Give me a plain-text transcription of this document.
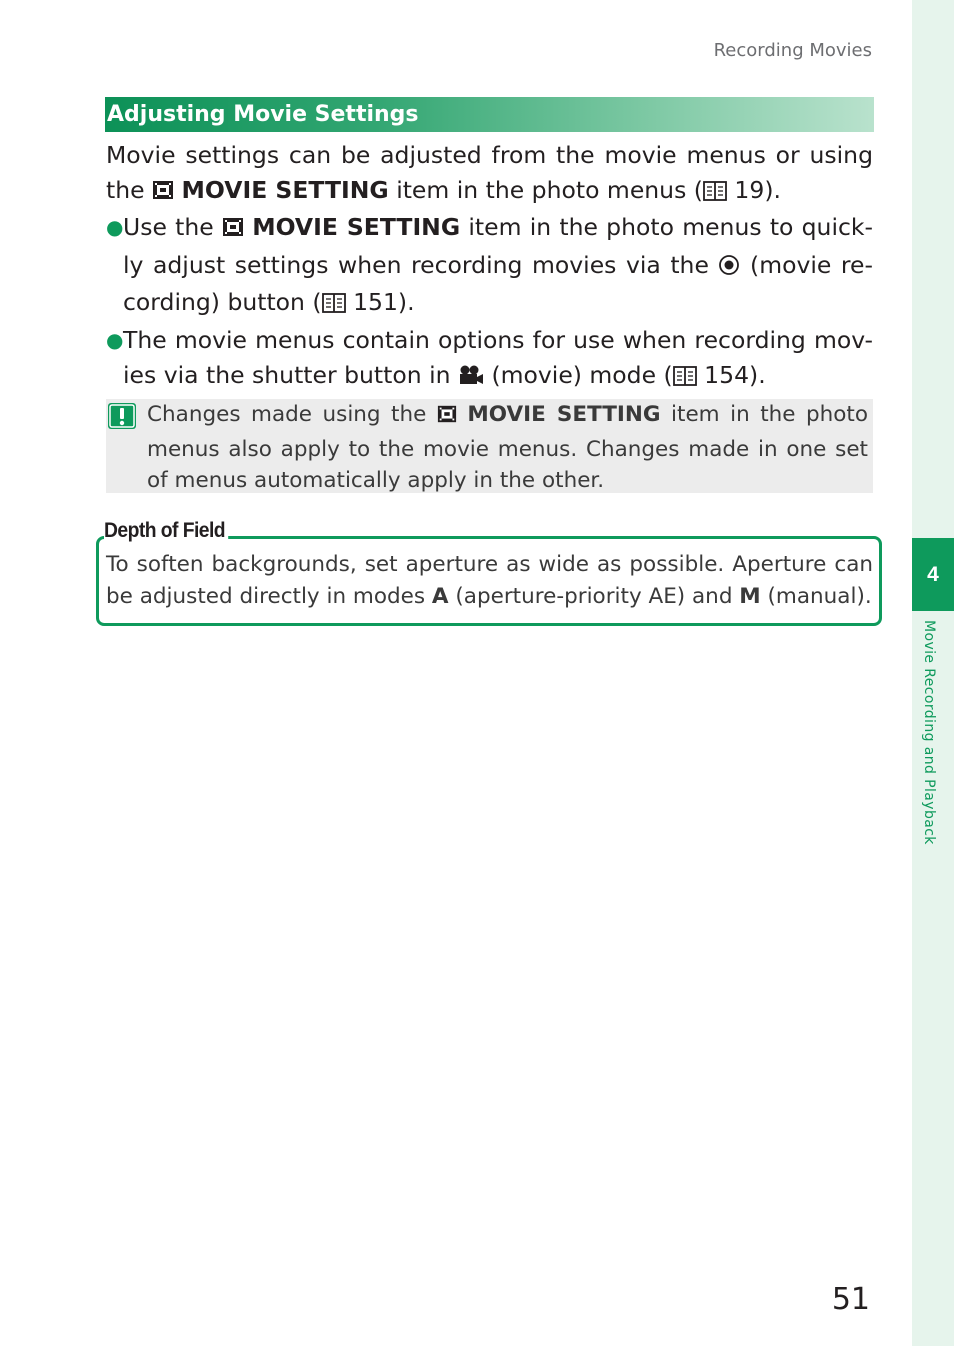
4
Movie Recording and Playback
Recording Movies
Adjusting Movie Settings

Movie settings can be adjusted from the movie menus or using the  MOVIE SETTING item in the photo menus ( 19).

● Use the  MOVIE SETTING item in the photo menus to quick-ly adjust settings when recording movies via the  (movie re-cording) button ( 151).

● The movie menus contain options for use when recording mov-ies via the shutter button in  (movie) mode ( 154).

Changes made using the  MOVIE SETTING item in the photo menus also apply to the movie menus. Changes made in one set of menus automatically apply in the other.
Depth of Field
To soften backgrounds, set aperture as wide as possible. Aperture can be adjusted directly in modes A (aperture-priority AE) and M (manual).
51
